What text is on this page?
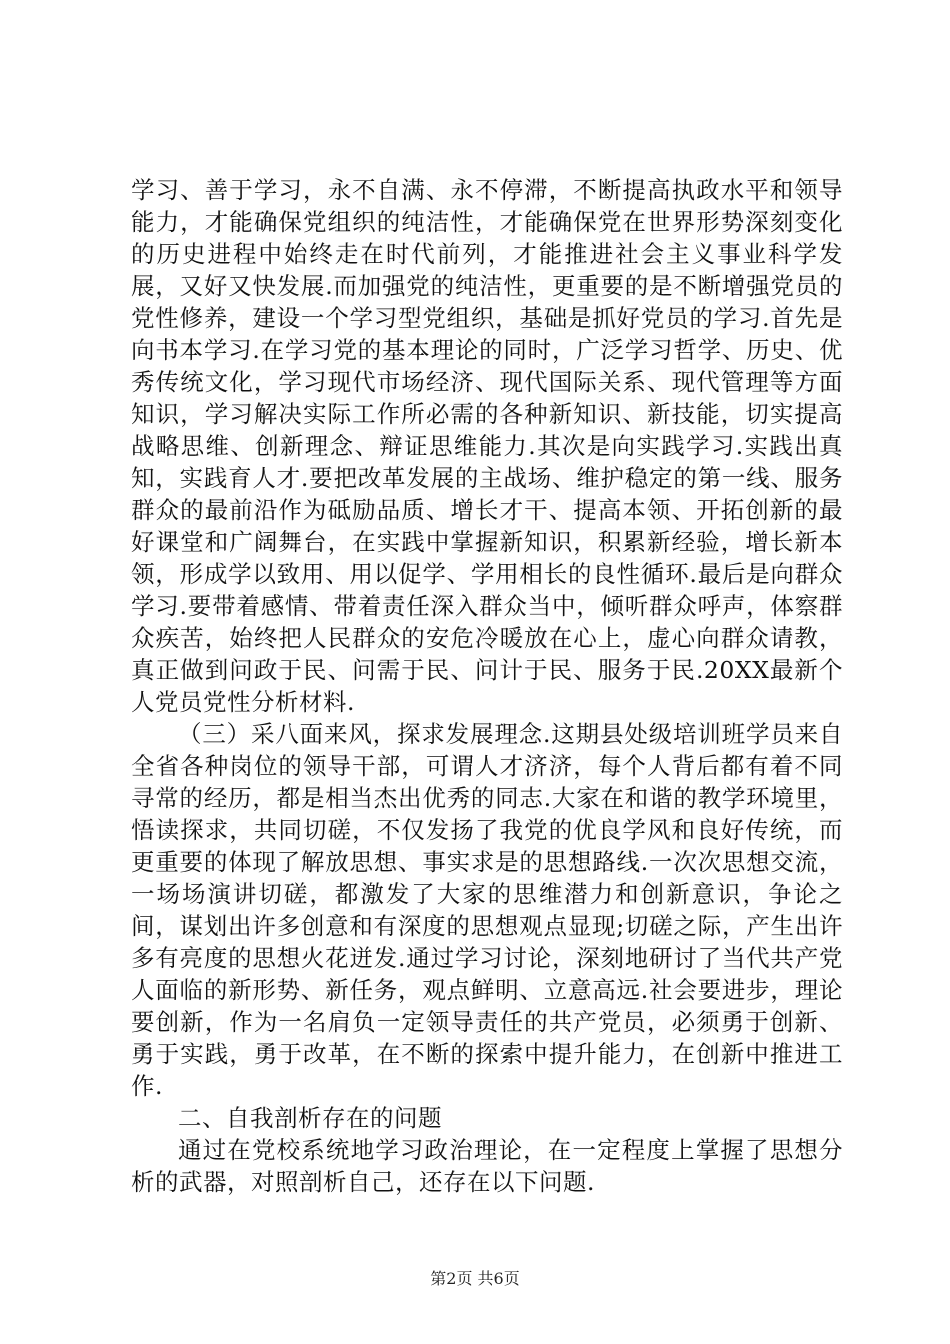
学习、善于学习，永不自满、永不停滞，不断提高执政水平和领导能力，才能确保党组织的纯洁性，才能确保党在世界形势深刻变化的历史进程中始终走在时代前列，才能推进社会主义事业科学发展，又好又快发展.而加强党的纯洁性，更重要的是不断增强党员的党性修养，建设一个学习型党组织，基础是抓好党员的学习.首先是向书本学习.在学习党的基本理论的同时，广泛学习哲学、历史、优秀传统文化，学习现代市场经济、现代国际关系、现代管理等方面知识，学习解决实际工作所必需的各种新知识、新技能，切实提高战略思维、创新理念、辩证思维能力.其次是向实践学习.实践出真知，实践育人才.要把改革发展的主战场、维护稳定的第一线、服务群众的最前沿作为砥励品质、增长才干、提高本领、开拓创新的最好课堂和广阔舞台，在实践中掌握新知识，积累新经验，增长新本领，形成学以致用、用以促学、学用相长的良性循环.最后是向群众学习.要带着感情、带着责任深入群众当中，倾听群众呼声，体察群众疾苦，始终把人民群众的安危冷暖放在心上，虚心向群众请教，真正做到问政于民、问需于民、问计于民、服务于民.20XX最新个人党员党性分析材料.

（三）采八面来风，探求发展理念.这期县处级培训班学员来自全省各种岗位的领导干部，可谓人才济济，每个人背后都有着不同寻常的经历，都是相当杰出优秀的同志.大家在和谐的教学环境里，悟读探求，共同切磋，不仅发扬了我党的优良学风和良好传统，而更重要的体现了解放思想、事实求是的思想路线.一次次思想交流，一场场演讲切磋，都激发了大家的思维潜力和创新意识，争论之间，谋划出许多创意和有深度的思想观点显现;切磋之际，产生出许多有亮度的思想火花迸发.通过学习讨论，深刻地研讨了当代共产党人面临的新形势、新任务，观点鲜明、立意高远.社会要进步，理论要创新，作为一名肩负一定领导责任的共产党员，必须勇于创新、勇于实践，勇于改革，在不断的探索中提升能力，在创新中推进工作.

二、自我剖析存在的问题

通过在党校系统地学习政治理论，在一定程度上掌握了思想分析的武器，对照剖析自己，还存在以下问题.

第2页 共6页
